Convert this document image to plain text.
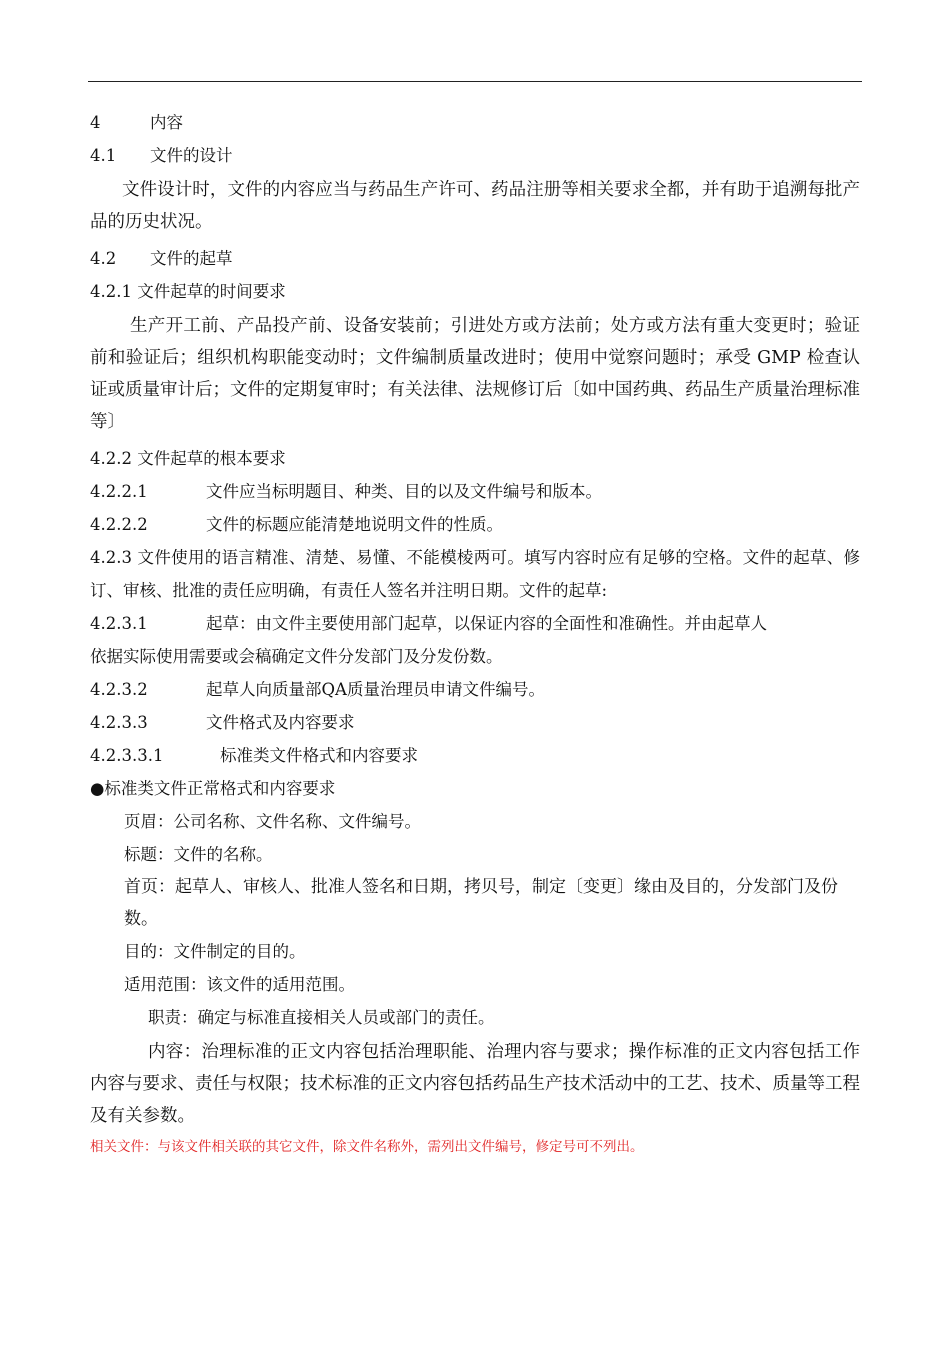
4	内容
4.1 文件的设计
文件设计时，文件的内容应当与药品生产许可、药品注册等相关要求全都，并有助于追溯每批产品的历史状况。
4.2 文件的起草
4.2.1 文件起草的时间要求
生产开工前、产品投产前、设备安装前；引进处方或方法前；处方或方法有重大变更时；验证前和验证后；组织机构职能变动时；文件编制质量改进时；使用中觉察问题时；承受 GMP 检查认证或质量审计后；文件的定期复审时；有关法律、法规修订后〔如中国药典、药品生产质量治理标准等〕
4.2.2 文件起草的根本要求
4.2.2.1	文件应当标明题目、种类、目的以及文件编号和版本。
4.2.2.2	文件的标题应能清楚地说明文件的性质。
4.2.3 文件使用的语言精准、清楚、易懂、不能模棱两可。填写内容时应有足够的空格。文件的起草、修订、审核、批准的责任应明确，有责任人签名并注明日期。文件的起草:
4.2.3.1	起草：由文件主要使用部门起草，以保证内容的全面性和准确性。并由起草人
依据实际使用需要或会稿确定文件分发部门及分发份数。
4.2.3.2	起草人向质量部QA质量治理员申请文件编号。
4.2.3.3	文件格式及内容要求
4.2.3.3.1	标准类文件格式和内容要求
●标准类文件正常格式和内容要求
页眉：公司名称、文件名称、文件编号。
标题：文件的名称。
首页：起草人、审核人、批准人签名和日期，拷贝号，制定〔变更〕缘由及目的，分发部门及份数。
目的：文件制定的目的。
适用范围：该文件的适用范围。
职责：确定与标准直接相关人员或部门的责任。
内容：治理标准的正文内容包括治理职能、治理内容与要求；操作标准的正文内容包括工作内容与要求、责任与权限；技术标准的正文内容包括药品生产技术活动中的工艺、技术、质量等工程及有关参数。
相关文件：与该文件相关联的其它文件，除文件名称外，需列出文件编号，修定号可不列出。
